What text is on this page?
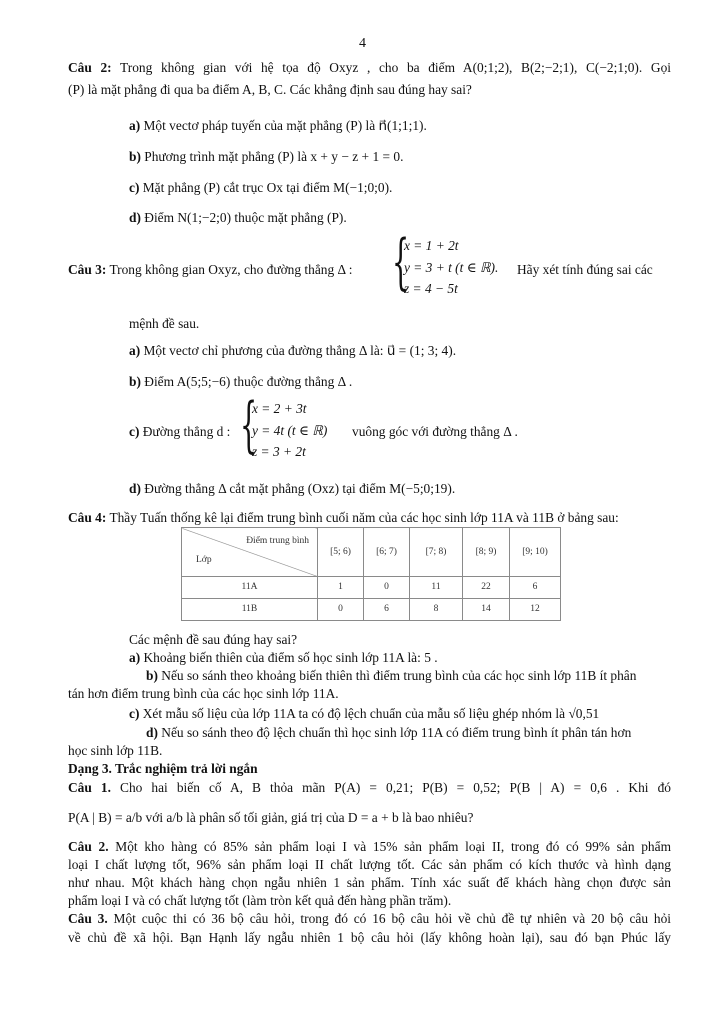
4
Câu 2: Trong không gian với hệ tọa độ Oxyz , cho ba điểm A(0;1;2), B(2;−2;1), C(−2;1;0). Gọi
(P) là mặt phẳng đi qua ba điểm A, B, C. Các khẳng định sau đúng hay sai?
a) Một vectơ pháp tuyến của mặt phẳng (P) là n⃗(1;1;1).
b) Phương trình mặt phẳng (P) là x + y − z + 1 = 0.
c) Mặt phẳng (P) cắt trục Ox tại điểm M(−1;0;0).
d) Điểm N(1;−2;0) thuộc mặt phẳng (P).
Câu 3: Trong không gian Oxyz, cho đường thẳng Δ : {
x = 1 + 2t
y = 3 + t (t ∈ ℝ).
z = 4 − 5t
Hãy xét tính đúng sai các
mệnh đề sau.
a) Một vectơ chỉ phương của đường thẳng Δ là: u⃗ = (1; 3; 4).
b) Điểm A(5;5;−6) thuộc đường thẳng Δ .
c) Đường thẳng d : {
x = 2 + 3t
y = 4t (t ∈ ℝ)
z = 3 + 2t
vuông góc với đường thẳng Δ .
d) Đường thẳng Δ cắt mặt phẳng (Oxz) tại điểm M(−5;0;19).
Câu 4: Thầy Tuấn thống kê lại điểm trung bình cuối năm của các học sinh lớp 11A và 11B ở bảng sau:
Điểm trung bình
Lớp	[5; 6)	[6; 7)	[7; 8)	[8; 9)	[9; 10)
11A	1	0	11	22	6
11B	0	6	8	14	12
Các mệnh đề sau đúng hay sai?
a) Khoảng biến thiên của điểm số học sinh lớp 11A là: 5 .
b) Nếu so sánh theo khoảng biến thiên thì điểm trung bình của các học sinh lớp 11B ít phân
tán hơn điểm trung bình của các học sinh lớp 11A.
c) Xét mẫu số liệu của lớp 11A ta có độ lệch chuẩn của mẫu số liệu ghép nhóm là √0,51
d) Nếu so sánh theo độ lệch chuẩn thì học sinh lớp 11A có điểm trung bình ít phân tán hơn
học sinh lớp 11B.
Dạng 3. Trắc nghiệm trả lời ngắn
Câu 1. Cho hai biến cố A, B thỏa mãn P(A) = 0,21; P(B) = 0,52; P(B | A) = 0,6 . Khi đó
P(A | B) = a/b với a/b là phân số tối giản, giá trị của D = a + b là bao nhiêu?
Câu 2. Một kho hàng có 85% sản phẩm loại I và 15% sản phẩm loại II, trong đó có 99% sản phẩm
loại I chất lượng tốt, 96% sản phẩm loại II chất lượng tốt. Các sản phẩm có kích thước và hình dạng
như nhau. Một khách hàng chọn ngẫu nhiên 1 sản phẩm. Tính xác suất để khách hàng chọn được sản
phẩm loại I và có chất lượng tốt (làm tròn kết quả đến hàng phần trăm).
Câu 3. Một cuộc thi có 36 bộ câu hỏi, trong đó có 16 bộ câu hỏi về chủ đề tự nhiên và 20 bộ câu hỏi
về chủ đề xã hội. Bạn Hạnh lấy ngẫu nhiên 1 bộ câu hỏi (lấy không hoàn lại), sau đó bạn Phúc lấy
